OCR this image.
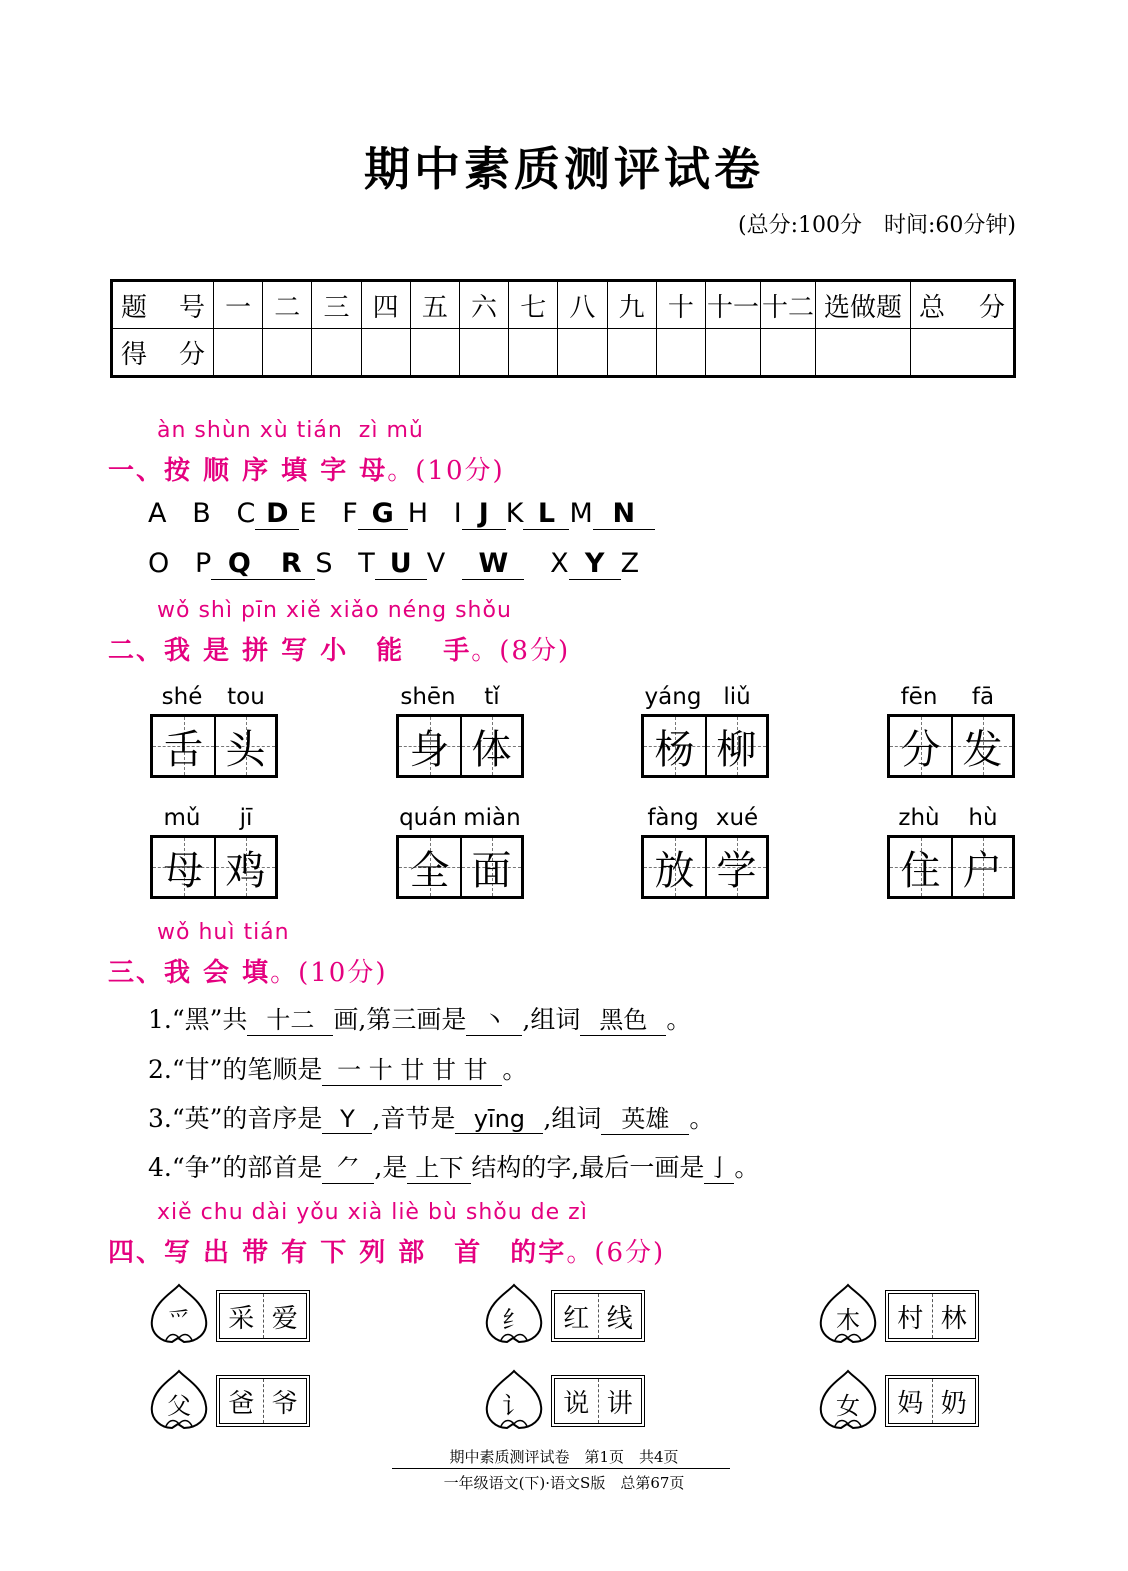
期中素质测评试卷
(总分:100分　时间:60分钟)
题　号	一	二	三	四	五	六	七	八	九	十	十一	十二	选做题	总　分
得　分														
àn shùn xù tián  zì mǔ
一、按 顺 序 填 字 母。(10分)
A B C D E F G H I J K L M N
O P Q R S T U V W X Y Z
wǒ shì pīn xiě xiǎo néng shǒu
二、我 是 拼 写 小　能　 手。(8分)
shé	tou
舌 头
shēn	tǐ
身 体
yáng liǔ
杨 柳
fēn	fā
分 发
mǔ	jī
母 鸡
quán miàn
全 面
fàng xué
放 学
zhù	hù
住 户
wǒ huì tián
三、我 会 填。(10分)
1.“黑”共 十二 画,第三画是 丶 ,组词 黑色 。
2.“甘”的笔顺是 一 十 廿 甘 甘 。
3.“英”的音序是 Y ,音节是 yīng ,组词 英雄 。
4.“争”的部首是 ⺈ ,是 上下 结构的字,最后一画是 亅 。
xiě chu dài yǒu xià liè bù shǒu de zì
四、写 出 带 有 下 列 部　首　的字。(6分)
爫	采 爱	纟	红 线	木	村 林
父	爸 爷	讠	说 讲	女	妈 奶
期中素质测评试卷　第1页　共4页
一年级语文(下)·语文S版　总第67页
